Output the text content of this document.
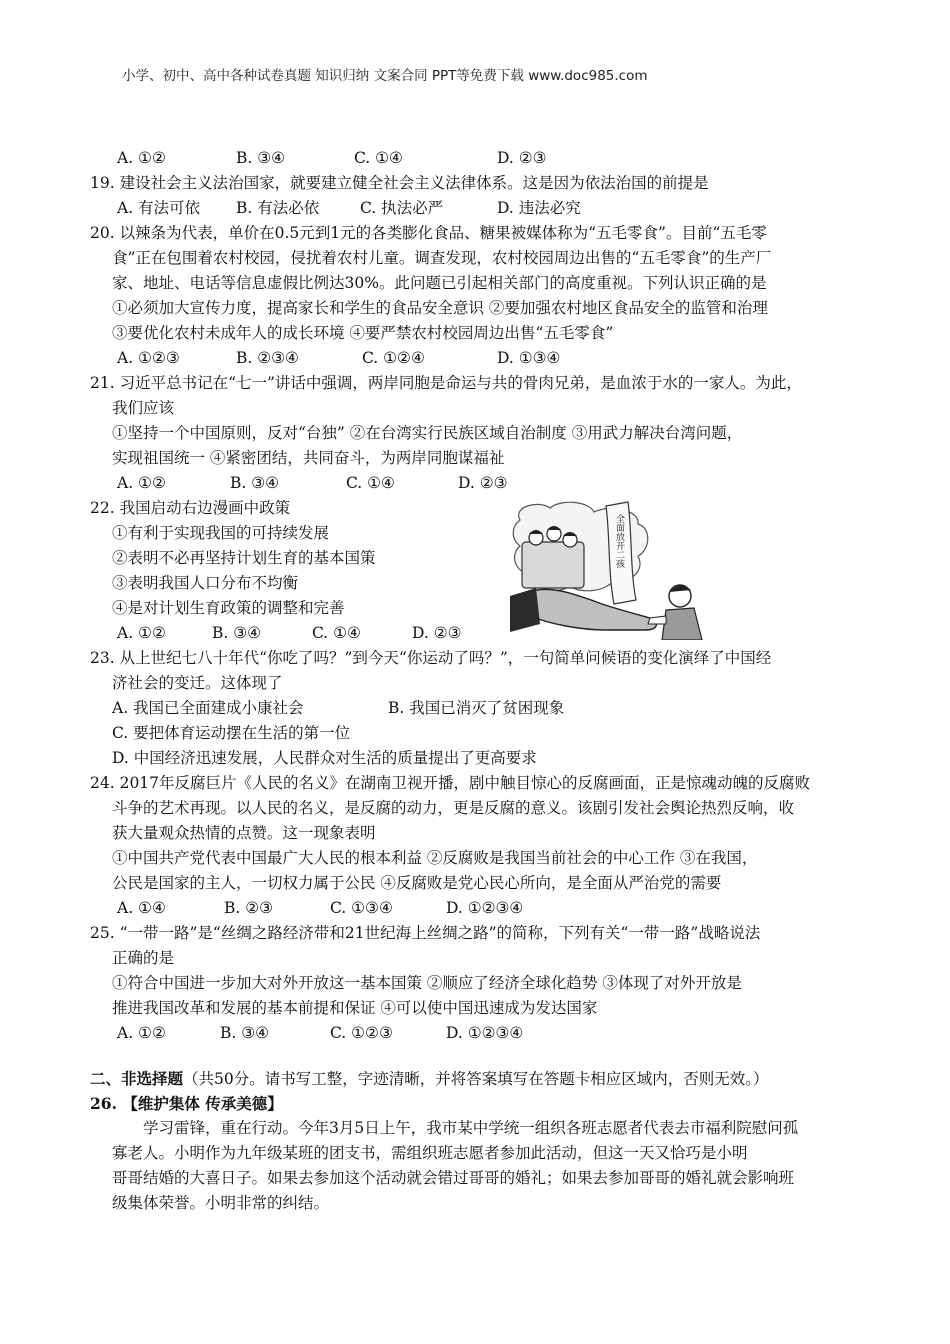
小学、初中、高中各种试卷真题 知识归纳 文案合同 PPT等免费下载 www.doc985.com
A. ①②	B. ③④	C. ①④	D. ②③
19. 建设社会主义法治国家，就要建立健全社会主义法律体系。这是因为依法治国的前提是
A. 有法可依 B. 有法必依	C. 执法必严	D. 违法必究
20. 以辣条为代表，单价在0.5元到1元的各类膨化食品、糖果被媒体称为“五毛零食”。目前“五毛零
食”正在包围着农村校园，侵扰着农村儿童。调查发现，农村校园周边出售的“五毛零食”的生产厂
家、地址、电话等信息虚假比例达30%。此问题已引起相关部门的高度重视。下列认识正确的是
①必须加大宣传力度，提高家长和学生的食品安全意识 ②要加强农村地区食品安全的监管和治理
③要优化农村未成年人的成长环境 ④要严禁农村校园周边出售“五毛零食”
A. ①②③	B. ②③④	C. ①②④	D. ①③④
21. 习近平总书记在“七一”讲话中强调，两岸同胞是命运与共的骨肉兄弟，是血浓于水的一家人。为此，
我们应该
①坚持一个中国原则，反对“台独” ②在台湾实行民族区域自治制度 ③用武力解决台湾问题，
实现祖国统一 ④紧密团结，共同奋斗，为两岸同胞谋福祉
A. ①②	B. ③④	C. ①④	D. ②③
22. 我国启动右边漫画中政策
①有利于实现我国的可持续发展
②表明不必再坚持计划生育的基本国策
③表明我国人口分布不均衡
④是对计划生育政策的调整和完善
A. ①②	B. ③④	C. ①④	D. ②③
全面放开二孩
23. 从上世纪七八十年代“你吃了吗？”到今天“你运动了吗？”，一句简单问候语的变化演绎了中国经
济社会的变迁。这体现了
A. 我国已全面建成小康社会	B. 我国已消灭了贫困现象
C. 要把体育运动摆在生活的第一位
D. 中国经济迅速发展，人民群众对生活的质量提出了更高要求
24. 2017年反腐巨片《人民的名义》在湖南卫视开播，剧中触目惊心的反腐画面，正是惊魂动魄的反腐败
斗争的艺术再现。以人民的名义，是反腐的动力，更是反腐的意义。该剧引发社会舆论热烈反响，收
获大量观众热情的点赞。这一现象表明
①中国共产党代表中国最广大人民的根本利益 ②反腐败是我国当前社会的中心工作 ③在我国，
公民是国家的主人，一切权力属于公民 ④反腐败是党心民心所向，是全面从严治党的需要
A. ①④	B. ②③	C. ①③④	D. ①②③④
25. “一带一路”是“丝绸之路经济带和21世纪海上丝绸之路”的简称，下列有关“一带一路”战略说法
正确的是
①符合中国进一步加大对外开放这一基本国策 ②顺应了经济全球化趋势 ③体现了对外开放是
推进我国改革和发展的基本前提和保证 ④可以使中国迅速成为发达国家
A. ①②	B. ③④	C. ①②③	D. ①②③④
二、非选择题（共50分。请书写工整，字迹清晰，并将答案填写在答题卡相应区域内，否则无效。）
26. 【维护集体 传承美德】
学习雷锋，重在行动。今年3月5日上午，我市某中学统一组织各班志愿者代表去市福利院慰问孤
寡老人。小明作为九年级某班的团支书，需组织班志愿者参加此活动，但这一天又恰巧是小明
哥哥结婚的大喜日子。如果去参加这个活动就会错过哥哥的婚礼；如果去参加哥哥的婚礼就会影响班
级集体荣誉。小明非常的纠结。
